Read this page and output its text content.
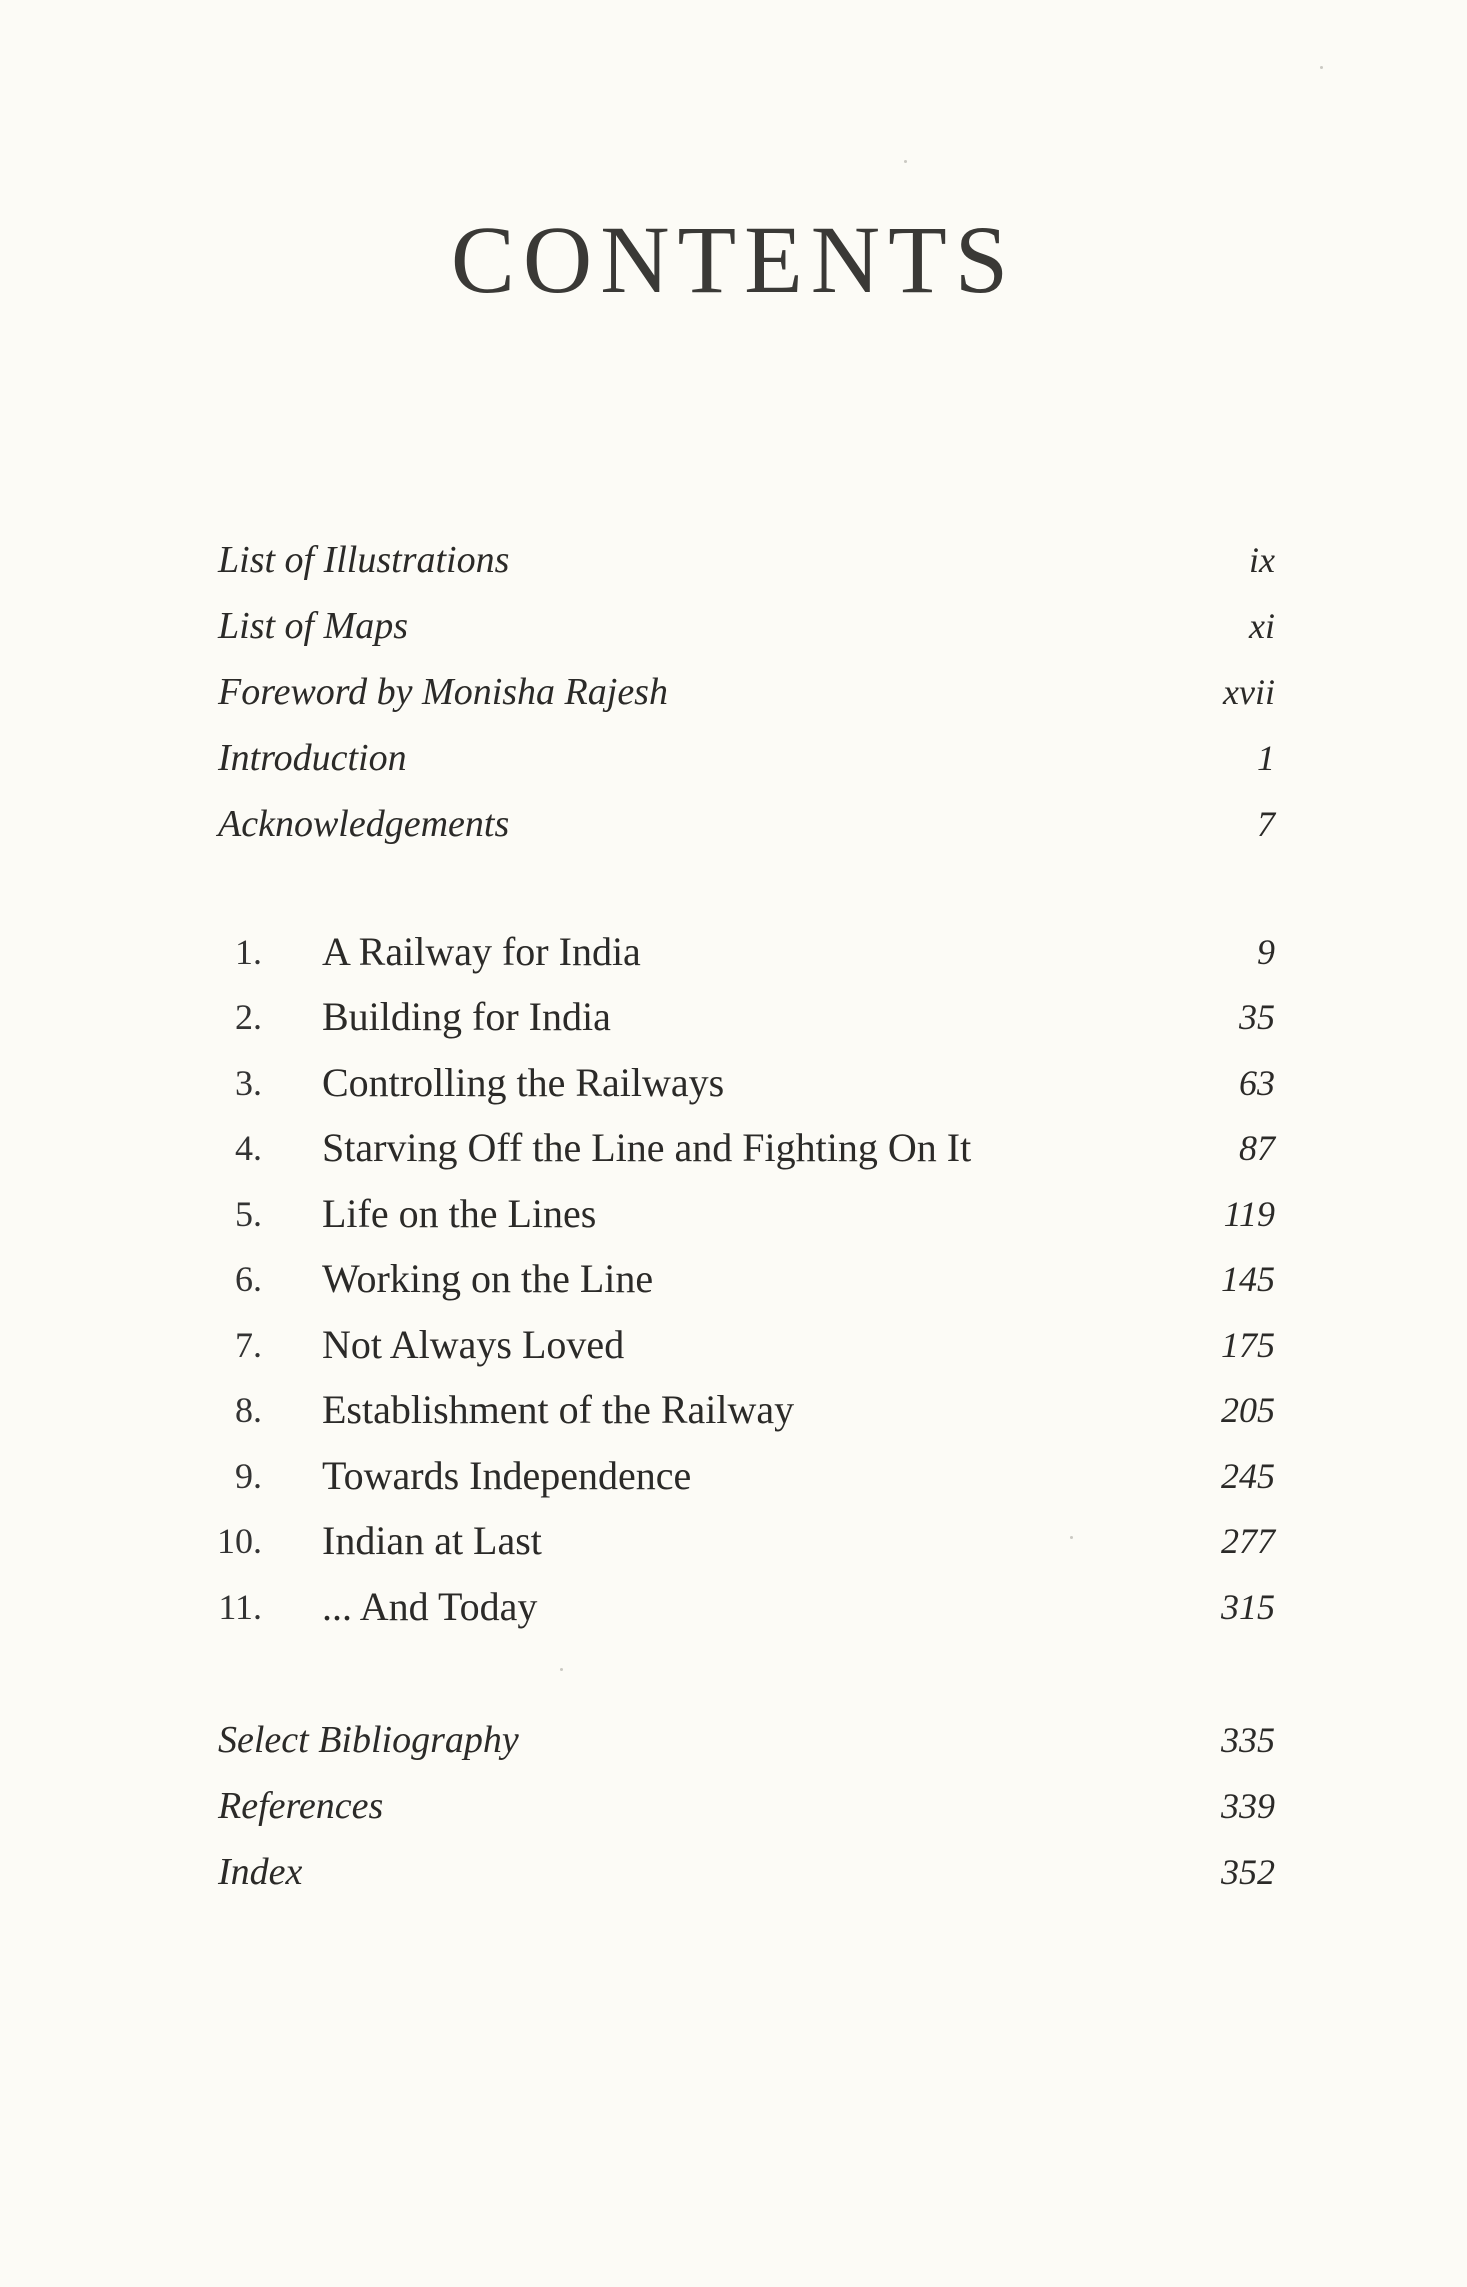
CONTENTS
List of Illustrations	ix
List of Maps	xi
Foreword by Monisha Rajesh	xvii
Introduction	1
Acknowledgements	7
1. A Railway for India	9
2. Building for India	35
3. Controlling the Railways	63
4. Starving Off the Line and Fighting On It	87
5. Life on the Lines	119
6. Working on the Line	145
7. Not Always Loved	175
8. Establishment of the Railway	205
9. Towards Independence	245
10. Indian at Last	277
11. ... And Today	315
Select Bibliography	335
References	339
Index	352
